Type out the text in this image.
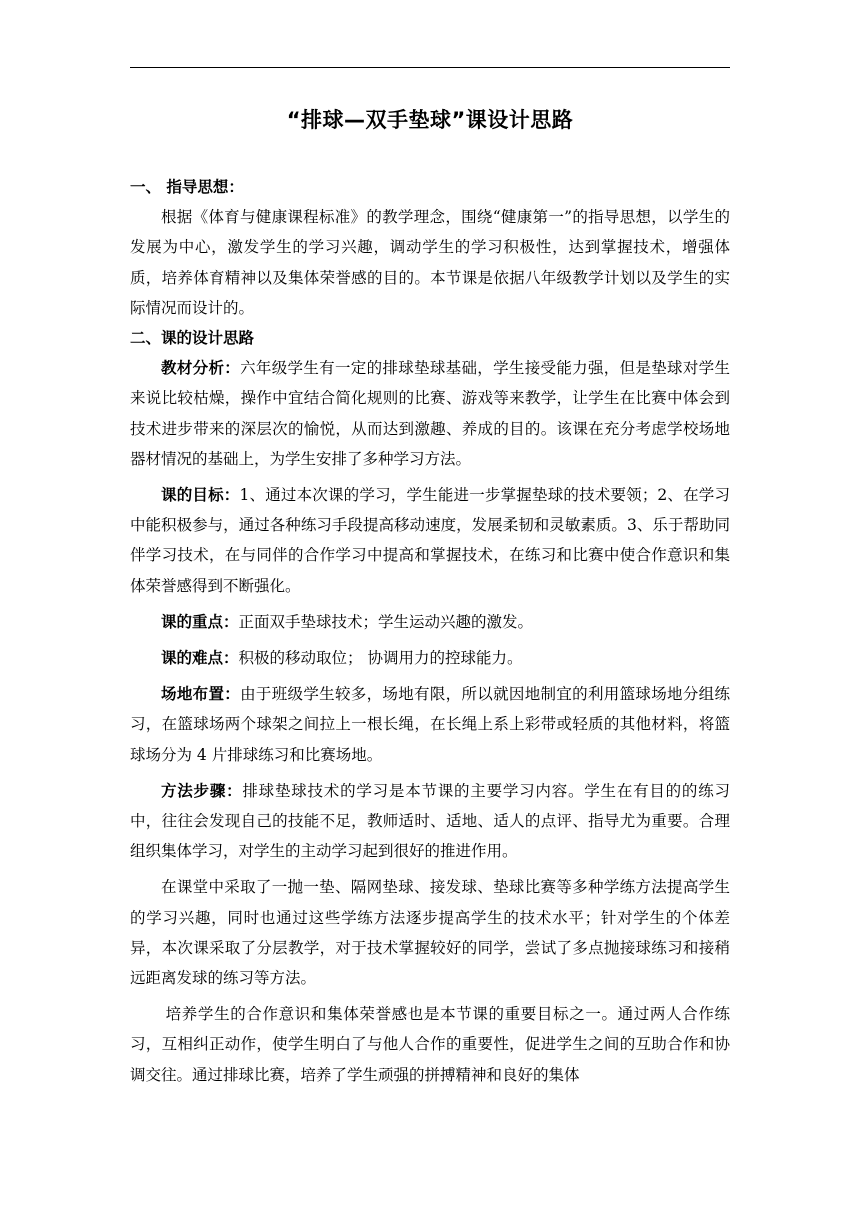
“排球—双手垫球”课设计思路

一、 指导思想：

根据《体育与健康课程标准》的教学理念，围绕“健康第一”的指导思想，以学生的发展为中心，激发学生的学习兴趣，调动学生的学习积极性，达到掌握技术，增强体质，培养体育精神以及集体荣誉感的目的。本节课是依据八年级教学计划以及学生的实际情况而设计的。

二、课的设计思路

教材分析：六年级学生有一定的排球垫球基础，学生接受能力强，但是垫球对学生来说比较枯燥，操作中宜结合简化规则的比赛、游戏等来教学，让学生在比赛中体会到技术进步带来的深层次的愉悦，从而达到激趣、养成的目的。该课在充分考虑学校场地器材情况的基础上，为学生安排了多种学习方法。

课的目标：1、通过本次课的学习，学生能进一步掌握垫球的技术要领；2、在学习中能积极参与，通过各种练习手段提高移动速度，发展柔韧和灵敏素质。3、乐于帮助同伴学习技术，在与同伴的合作学习中提高和掌握技术，在练习和比赛中使合作意识和集体荣誉感得到不断强化。

课的重点：正面双手垫球技术；学生运动兴趣的激发。

课的难点：积极的移动取位； 协调用力的控球能力。

场地布置：由于班级学生较多，场地有限，所以就因地制宜的利用篮球场地分组练习，在篮球场两个球架之间拉上一根长绳，在长绳上系上彩带或轻质的其他材料，将篮球场分为 4 片排球练习和比赛场地。

方法步骤：排球垫球技术的学习是本节课的主要学习内容。学生在有目的的练习中，往往会发现自己的技能不足，教师适时、适地、适人的点评、指导尤为重要。合理组织集体学习，对学生的主动学习起到很好的推进作用。

在课堂中采取了一抛一垫、隔网垫球、接发球、垫球比赛等多种学练方法提高学生的学习兴趣，同时也通过这些学练方法逐步提高学生的技术水平；针对学生的个体差异，本次课采取了分层教学，对于技术掌握较好的同学，尝试了多点抛接球练习和接稍远距离发球的练习等方法。

培养学生的合作意识和集体荣誉感也是本节课的重要目标之一。通过两人合作练习，互相纠正动作，使学生明白了与他人合作的重要性，促进学生之间的互助合作和协调交往。通过排球比赛，培养了学生顽强的拼搏精神和良好的集体
